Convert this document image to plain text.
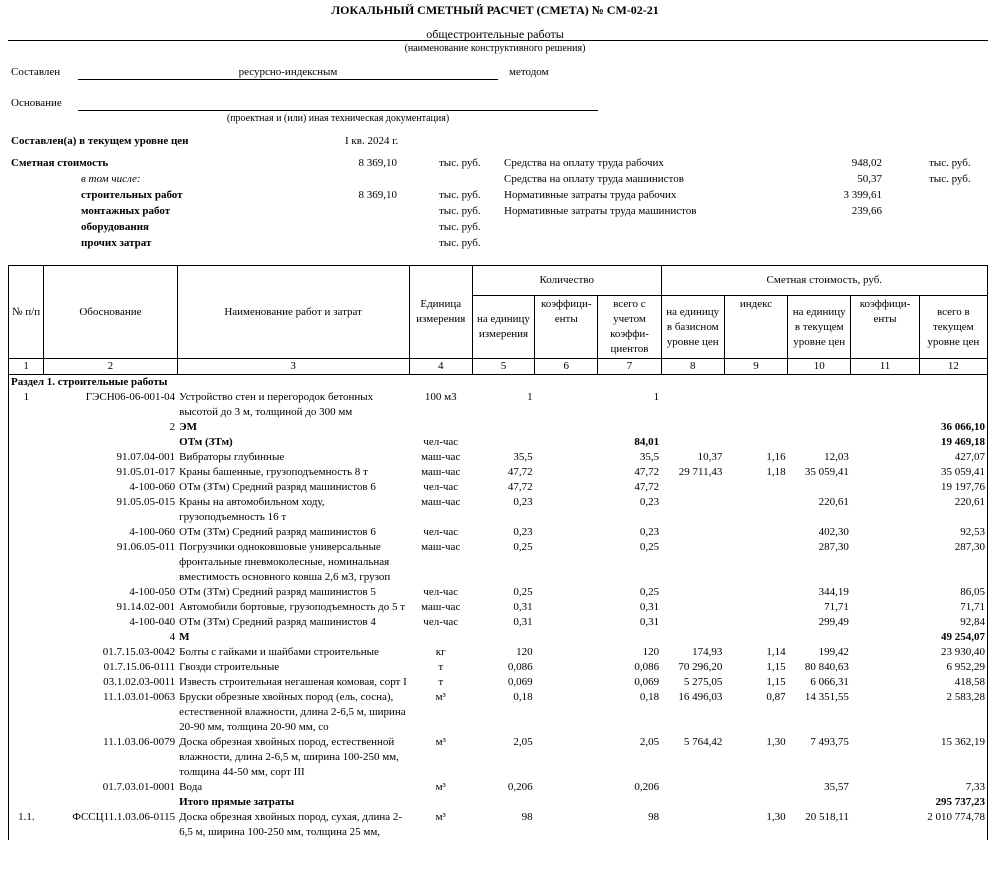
ЛОКАЛЬНЫЙ СМЕТНЫЙ РАСЧЕТ (СМЕТА) № СМ-02-21
общестроительные работы
(наименование конструктивного решения)
Составлен	ресурсно-индексным	методом
Основание
(проектная и (или) иная техническая документация)
Составлен(а) в текущем уровне цен	I кв. 2024 г.
Сметная стоимость	8 369,10	тыс. руб.
в том числе:
строительных работ	8 369,10	тыс. руб.
монтажных работ	тыс. руб.
оборудования	тыс. руб.
прочих затрат	тыс. руб.
Средства на оплату труда рабочих	948,02	тыс. руб.
Средства на оплату труда машинистов	50,37	тыс. руб.
Нормативные затраты труда рабочих	3 399,61
Нормативные затраты труда машинистов	239,66
№ п/п	Обоснование	Наименование работ и затрат	Единица измерения	Количество			Сметная стоимость, руб.				
				на единицу измерения	коэффици-енты	всего с учетом коэффи-циентов	на единицу в базисном уровне цен	индекс	на единицу в текущем уровне цен	коэффици-енты	всего в текущем уровне цен
1	2	3	4	5	6	7	8	9	10	11	12
Раздел 1. строительные работы											
1	ГЭСН06-06-001-04	Устройство стен и перегородок бетонных высотой до 3 м, толщиной до 300 мм	100 м3	1		1					
	2	ЭМ									36 066,10
		ОТм (ЗТм)	чел-час			84,01					19 469,18
	91.07.04-001	Вибраторы глубинные	маш-час	35,5		35,5	10,37	1,16	12,03		427,07
	91.05.01-017	Краны башенные, грузоподъемность 8 т	маш-час	47,72		47,72	29 711,43	1,18	35 059,41		35 059,41
	4-100-060	ОТм (ЗТм) Средний разряд машинистов 6	чел-час	47,72		47,72					19 197,76
	91.05.05-015	Краны на автомобильном ходу, грузоподъемность 16 т	маш-час	0,23		0,23			220,61		220,61
	4-100-060	ОТм (ЗТм) Средний разряд машинистов 6	чел-час	0,23		0,23			402,30		92,53
	91.06.05-011	Погрузчики одноковшовые универсальные фронтальные пневмоколесные, номинальная вместимость основного ковша 2,6 м3, грузоп	маш-час	0,25		0,25			287,30		287,30
	4-100-050	ОТм (ЗТм) Средний разряд машинистов 5	чел-час	0,25		0,25			344,19		86,05
	91.14.02-001	Автомобили бортовые, грузоподъемность до 5 т	маш-час	0,31		0,31			71,71		71,71
	4-100-040	ОТм (ЗТм) Средний разряд машинистов 4	чел-час	0,31		0,31			299,49		92,84
	4	М									49 254,07
	01.7.15.03-0042	Болты с гайками и шайбами строительные	кг	120		120	174,93	1,14	199,42		23 930,40
	01.7.15.06-0111	Гвозди строительные	т	0,086		0,086	70 296,20	1,15	80 840,63		6 952,29
	03.1.02.03-0011	Известь строительная негашеная комовая, сорт I	т	0,069		0,069	5 275,05	1,15	6 066,31		418,58
	11.1.03.01-0063	Бруски обрезные хвойных пород (ель, сосна), естественной влажности, длина 2-6,5 м, ширина 20-90 мм, толщина 20-90 мм, со	м³	0,18		0,18	16 496,03	0,87	14 351,55		2 583,28
	11.1.03.06-0079	Доска обрезная хвойных пород, естественной влажности, длина 2-6,5 м, ширина 100-250 мм, толщина 44-50 мм, сорт III	м³	2,05		2,05	5 764,42	1,30	7 493,75		15 362,19
	01.7.03.01-0001	Вода	м³	0,206		0,206			35,57		7,33
		Итого прямые затраты									295 737,23
1.1.	ФССЦ11.1.03.06-0115	Доска обрезная хвойных пород, сухая, длина 2-6,5 м, ширина 100-250 мм, толщина 25 мм,	м³	98		98		1,30	20 518,11		2 010 774,78
